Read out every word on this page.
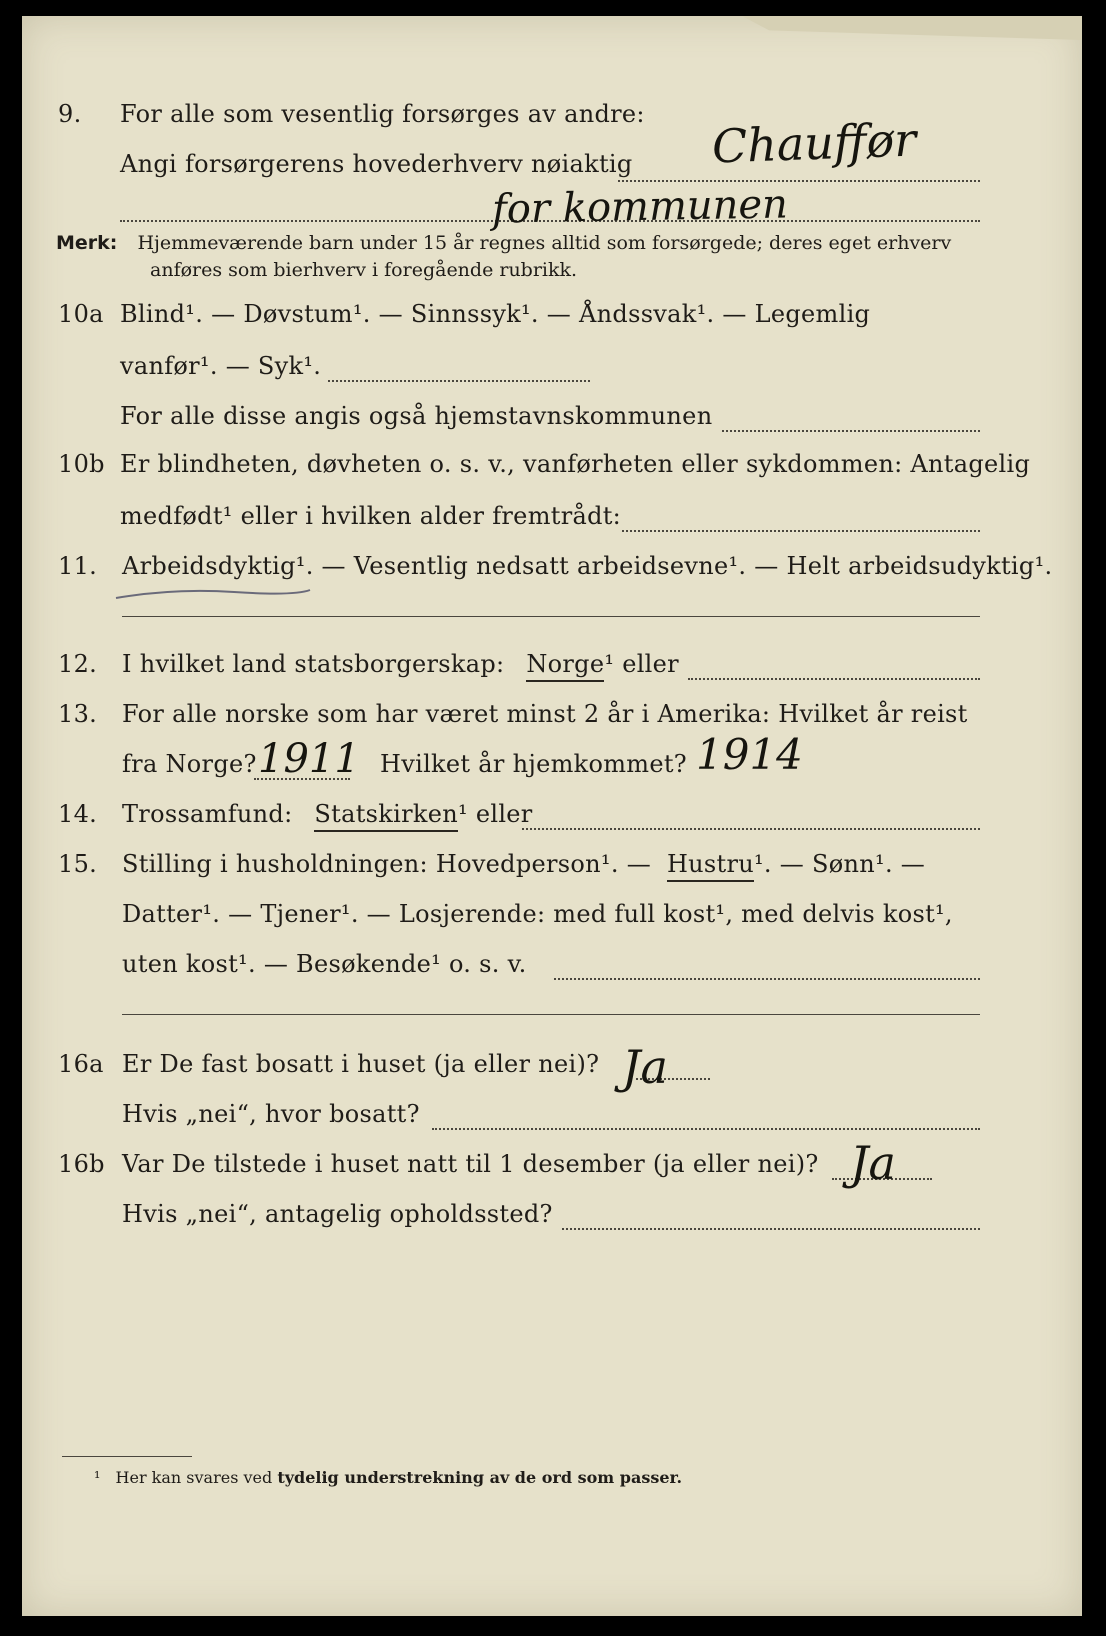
9. For alle som vesentlig forsørges av andre:
Angi forsørgerens hovederhverv nøiaktig Chauffør
for kommunen
Merk: Hjemmeværende barn under 15 år regnes alltid som forsørgede; deres eget erhverv
anføres som bierhverv i foregående rubrikk.
10a Blind¹. — Døvstum¹. — Sinnssyk¹. — Åndssvak¹. — Legemlig
vanfør¹. — Syk¹.
For alle disse angis også hjemstavnskommunen
10b Er blindheten, døvheten o. s. v., vanførheten eller sykdommen: Antagelig
medfødt¹ eller i hvilken alder fremtrådt:
11. Arbeidsdyktig¹. — Vesentlig nedsatt arbeidsevne¹. — Helt arbeidsudyktig¹.
12. I hvilket land statsborgerskap: Norge¹ eller
13. For alle norske som har været minst 2 år i Amerika: Hvilket år reist
fra Norge?	Hvilket år hjemkommet?
1911	1914
14. Trossamfund: Statskirken¹ eller
15. Stilling i husholdningen: Hovedperson¹. — Hustru¹. — Sønn¹. —
Datter¹. — Tjener¹. — Losjerende: med full kost¹, med delvis kost¹,
uten kost¹. — Besøkende¹ o. s. v.
16a Er De fast bosatt i huset (ja eller nei)? Ja
Hvis „nei“, hvor bosatt?
16b Var De tilstede i huset natt til 1 desember (ja eller nei)? Ja
Hvis „nei“, antagelig opholdssted?
¹ Her kan svares ved tydelig understrekning av de ord som passer.
